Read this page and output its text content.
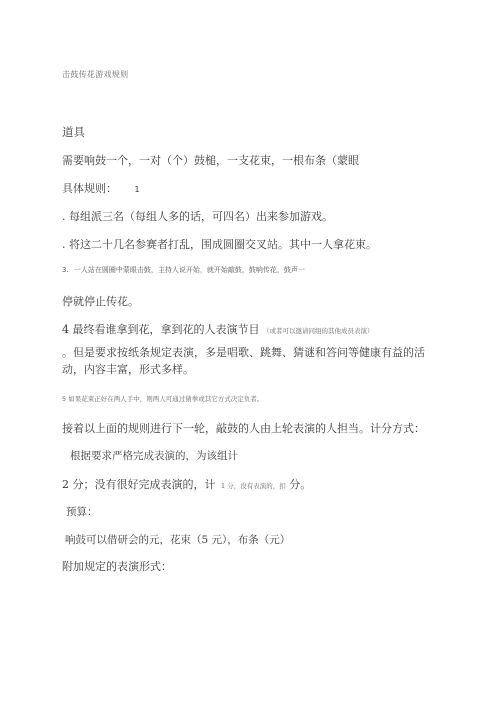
击鼓传花游戏规则
道具
需要响鼓一个，一对（个）鼓槌，一支花束，一根布条（蒙眼
具体规则： 1
. 每组派三名（每组人多的话，可四名）出来参加游戏。
. 将这二十几名参赛者打乱，围成圆圈交叉站。其中一人拿花束。
3. 一人站在圆圈中蒙眼击鼓，主持人说开始，就开始敲鼓，鼓响传花，鼓声一
停就停止传花。
4 最终看谁拿到花，拿到花的人表演节目 （或者可以邀请同组的其他成员表演）
。但是要求按纸条规定表演，多是唱歌、跳舞、猜谜和答问等健康有益的活动，内容丰富，形式多样。
5 如果花束正好在两人手中，则两人可通过猜拳或其它方式决定负者。
接着以上面的规则进行下一轮，敲鼓的人由上轮表演的人担当。计分方式：
根据要求严格完成表演的，为该组计
2 分；没有很好完成表演的，计 1 分，没有表演的，扣 分。
预算：
响鼓可以借研会的元，花束（5 元），布条（元）
附加规定的表演形式：
